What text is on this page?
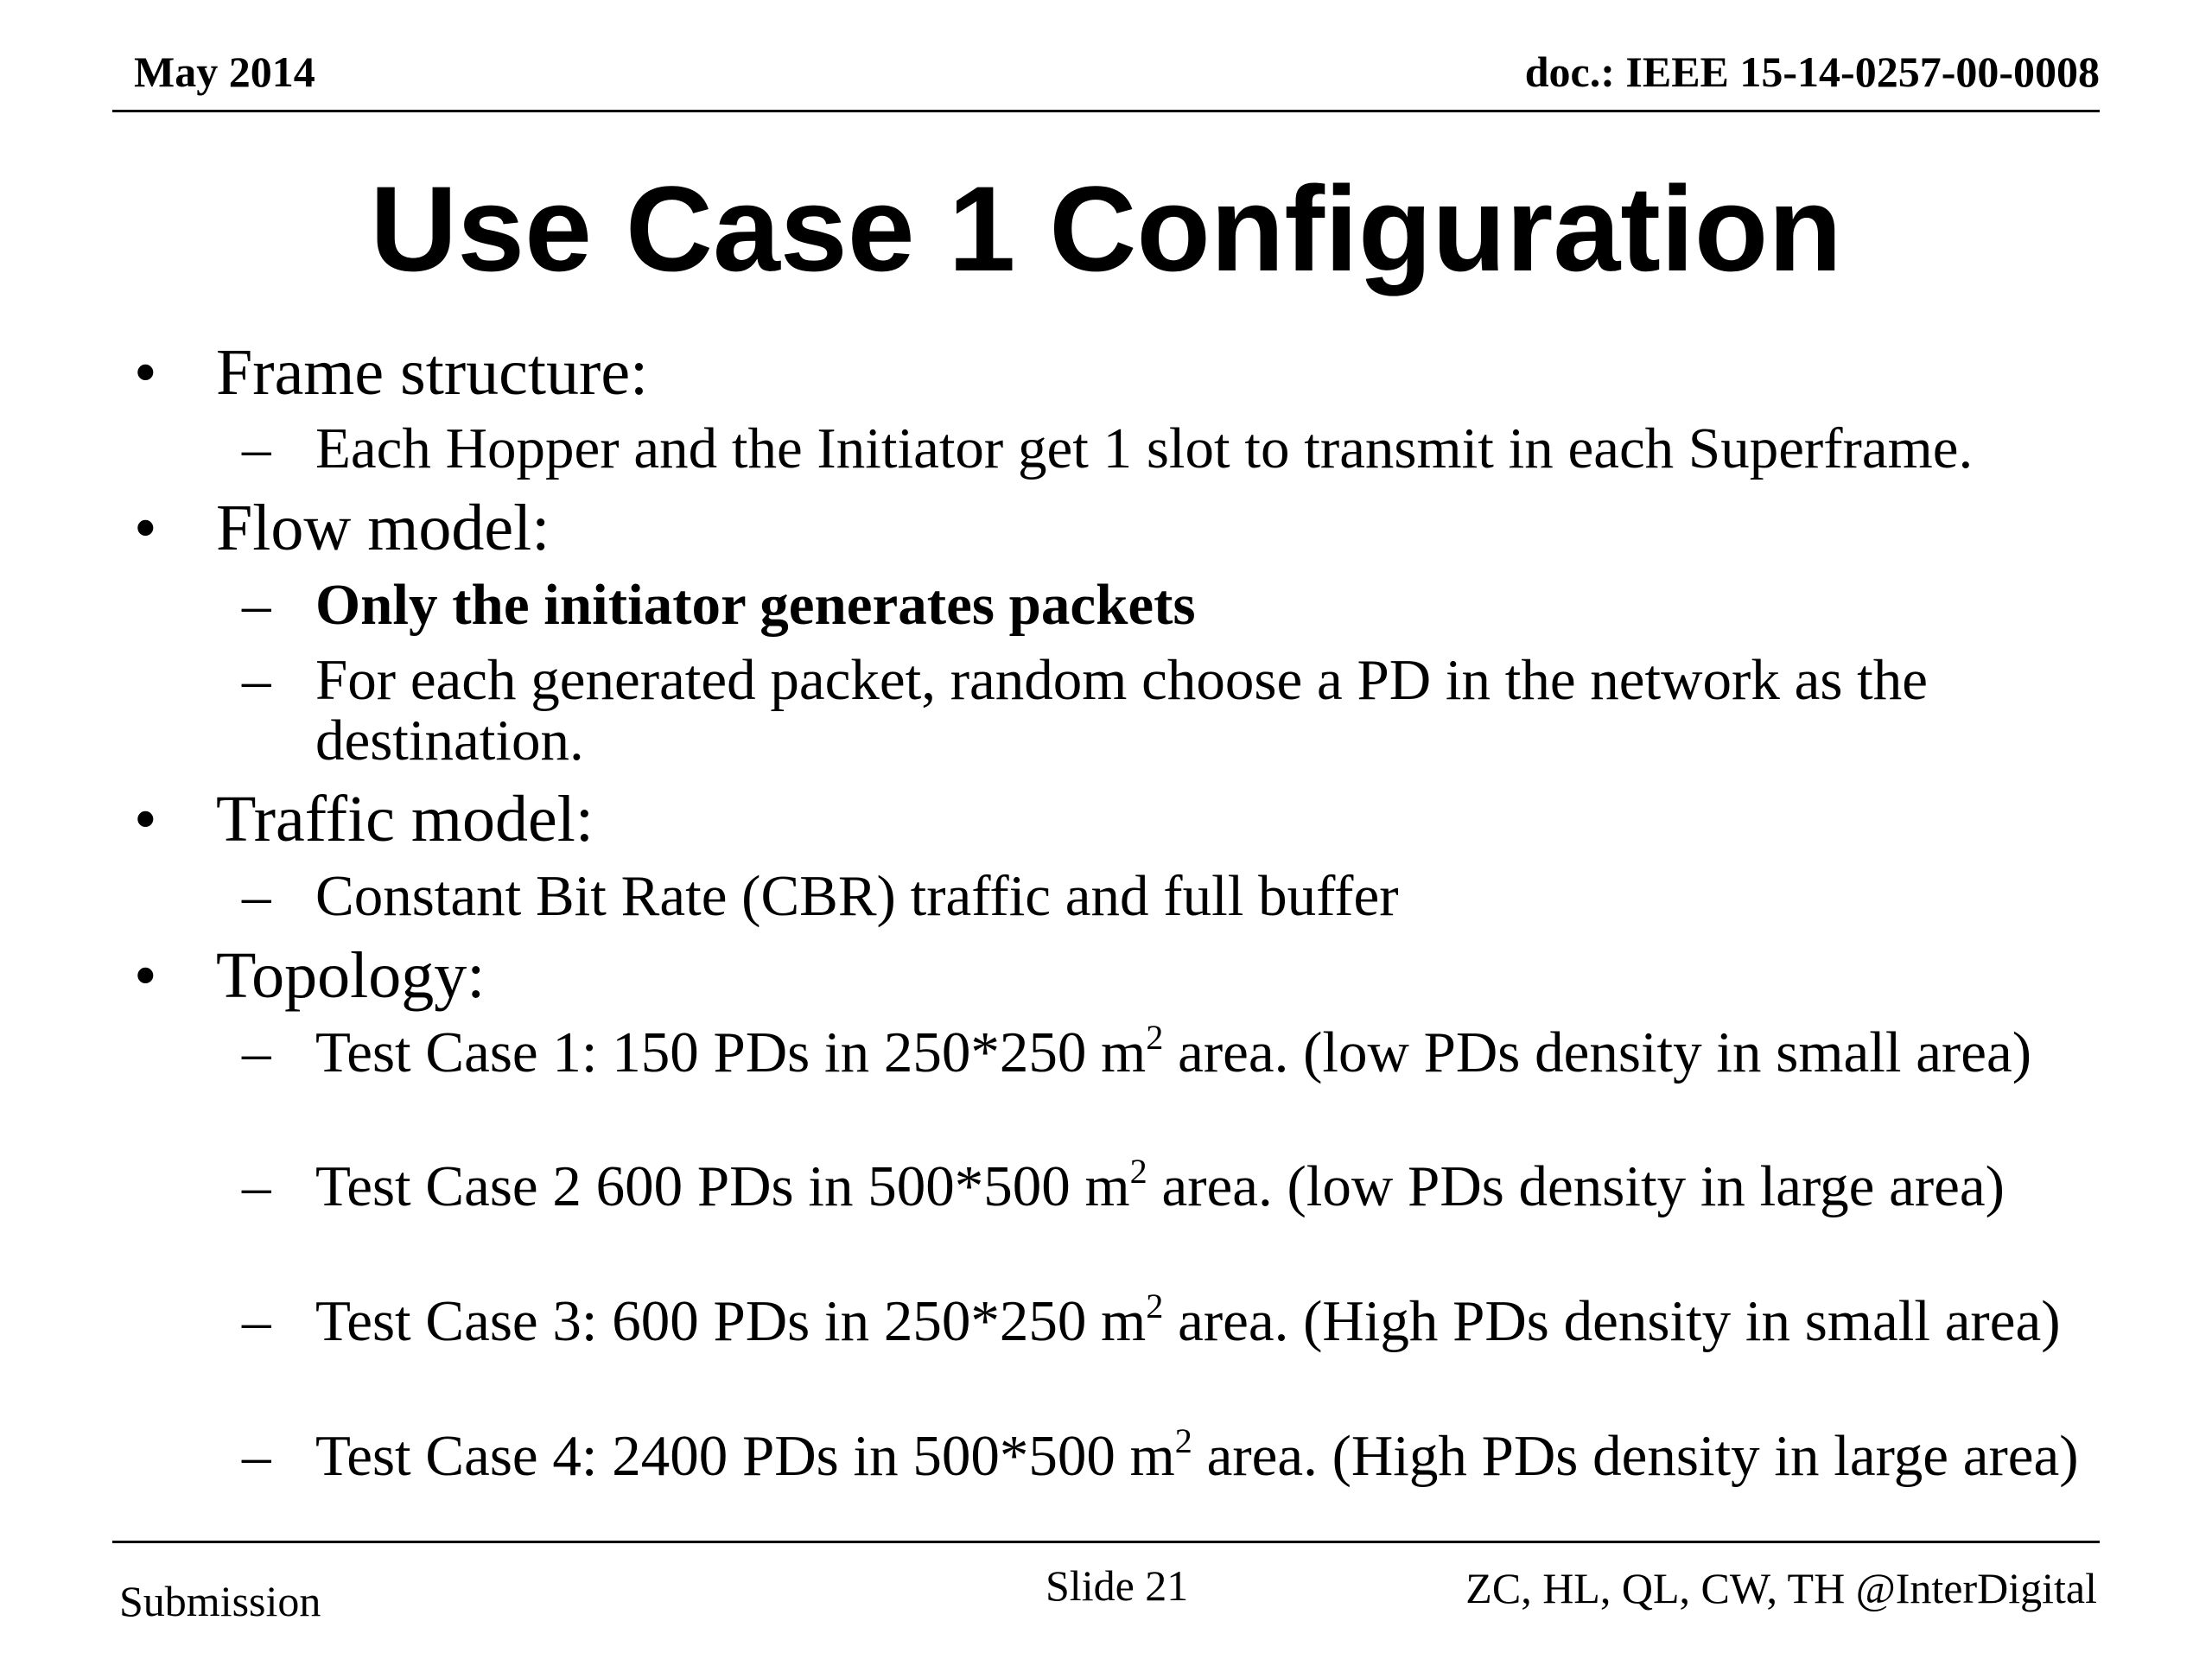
May 2014	doc.: IEEE 15-14-0257-00-0008
Use Case 1 Configuration
• Frame structure:
– Each Hopper and the Initiator get 1 slot to transmit in each Superframe.
• Flow model:
– Only the initiator generates packets
– For each generated packet, random choose a PD in the network as the destination.
• Traffic model:
– Constant Bit Rate (CBR) traffic and full buffer
• Topology:
– Test Case 1: 150 PDs in 250*250 $m^2$ area. (low PDs density in small area)
– Test Case 2 600 PDs in 500*500 $m^2$ area. (low PDs density in large area)
– Test Case 3: 600 PDs in 250*250 $m^2$ area. (High PDs density in small area)
– Test Case 4: 2400 PDs in 500*500 $m^2$ area. (High PDs density in large area)
Submission	Slide 21	ZC, HL, QL, CW, TH @InterDigital
